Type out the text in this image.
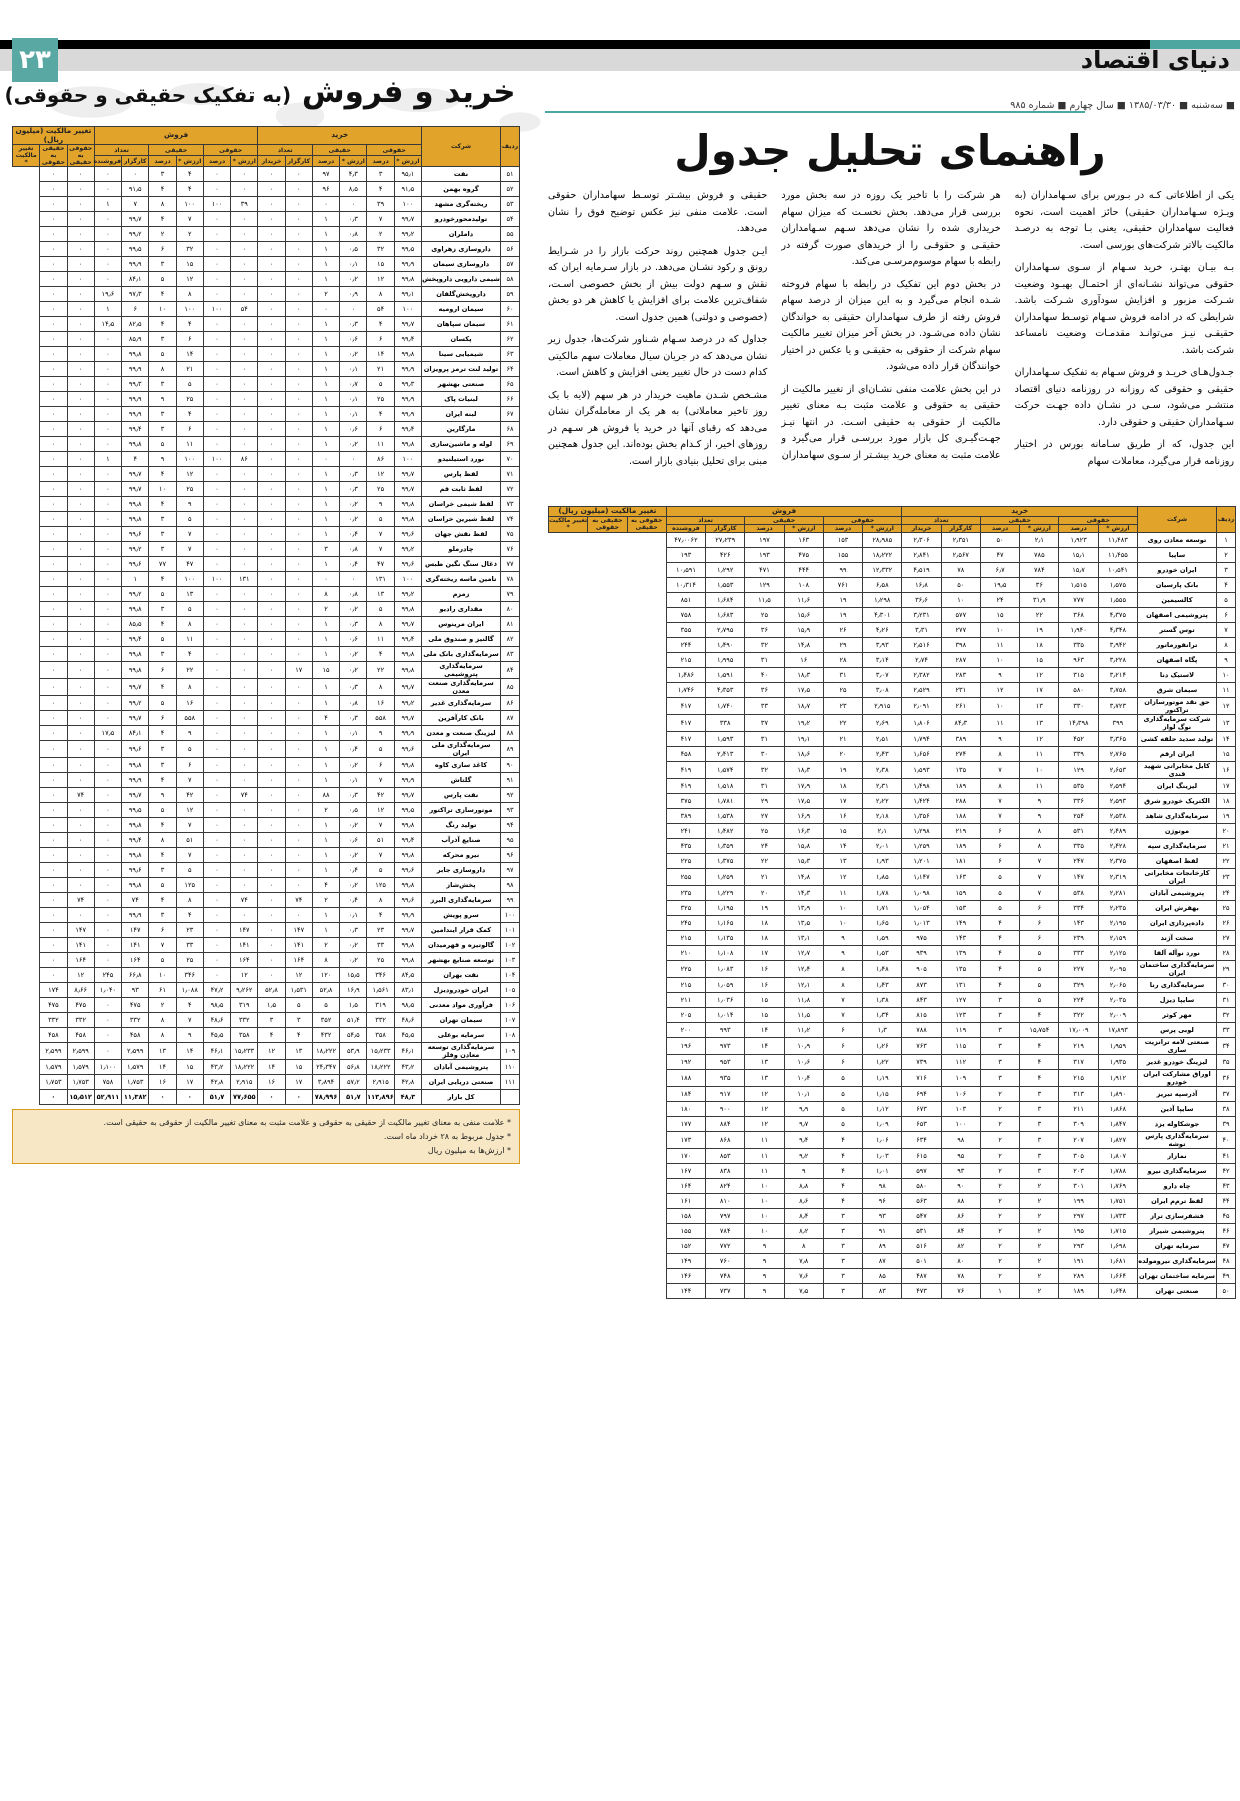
دنیای اقتصاد
۲۳
خرید و فروش (به تفکیک حقیقی و حقوقی)	■ سه‌شنبه ■ ۱۳۸۵/۰۳/۳۰ ■ سال چهارم ■ شماره ۹۸۵
راهنمای تحلیل جدول

یکی از اطلاعاتی کـه در بـورس برای سـهامداران (به ویـژه سـهامداران حقیقی) حائز اهمیت است، نحوه فعالیت سهامداران حقیقی، یعنی بـا توجه به درصـد مالکیت بالاتر شرکت‌های بورسی است.

بـه بیـان بهتـر، خرید سـهام از سـوی سـهامداران حقوقی می‌تواند نشـانه‌ای از احتمـال بهبـود وضعیت شـرکت مزبور و افزایش سودآوری شـرکت باشد. شرایطی که در ادامه فروش سـهام توسـط سهامداران حقیقـی نیـز می‌توانـد مقدمـات وضعیت نامساعد شرکت باشد.

جـدول‌هـای خریـد و فروش سـهام به تفکیک سـهامداران حقیقی و حقوقی که روزانه در روزنامه دنیای اقتصاد منتشـر می‌شود، سـی در نشـان داده‌ جهـت حرکت سـهامداران حقیقی و حقوقی دارد.

این جدول، که از طریق سـامانه بورس در اختیار روزنامه قرار می‌گیرد، معاملات سهام

هر شرکت را با تاخیر یک روزه در سه بخش مورد بررسی قرار می‌دهد. بخش نخسـت که میزان سهام خریداری شده را نشان می‌دهد سـهم سـهامداران حقیقـی و حقوقـی را از خریدهای صورت گرفته در رابطه با سهام موسوم‌مرسـی می‌کند.

در بخش دوم این تفکیک در رابطه با سهام فروخته شـده انجام می‌گیرد و به این میزان از درصد سهام فروش رفته از طرف سهامداران حقیقی به خواندگان نشان داده می‌شـود. در بخش آخر میزان تغییر مالکیت سهام شرکت از حقوقی به حقیقـی و یا عکس در اختیار خوانندگان قرار داده می‌شود.

در این بخش علامت منفی نشـان‌ای از تغییر مالکیت از حقیقی به حقوقی و علامت مثبت بـه معنای تغییر مالکیت از حقوقی به حقیقی اسـت. در انتها نیـز جهـت‌گیـری کل بازار مورد بررسـی قرار می‌گیرد و علامت مثبت به معنای خرید بیشـتر از سـوی سهامداران

حقیقی و فروش بیشـتر توسـط سهامداران حقوقی است. علامت منفی نیز عکس توضیح فوق را نشان می‌دهد.

ایـن جدول همچنین روند حرکت بازار را در شـرایط رونق و رکود نشـان می‌دهد. در بازار سـرمایه ایران که نقش و سـهم دولت بیش از بخش خصوصی اسـت، شفاف‌ترین علامت برای افزایش یا کاهش هر دو بخش (خصوصی و دولتی) همین جدول است.

جداول که در درصد سـهام شـناور شرکت‌ها، جدول زیر نشان می‌دهد که در جریان سیال معاملات سهم مالکیتی کدام دست در حال تغییر یعنی افزایش و کاهش است.

مشـخص شـدن ماهیت خریدار در هر سهم (لایه با یک روز تاخیر معاملاتی) به هر یک از معامله‌گران نشان می‌دهد که رقبای آنها در خرید یا فروش هر سـهم در روزهای اخیر، از کـدام بخش بوده‌اند. این جدول همچنین مبنی برای تحلیل بنیادی بازار است.

ردیف	شرکت	خرید						فروش						تغییر مالکیت (میلیون ریال)		
		حقوقی		حقیقی		تعداد		حقوقی		حقیقی		تعداد		حقوقی به حقیقی	حقیقی به حقوقی	تغییر مالکیت *
		ارزش *	درصد	ارزش *	درصد	کارگزار	خریدار	ارزش *	درصد	ارزش *	درصد	کارگزار	فروشنده			
۵۱	نفت	۹۵٫۱	۳	۴٫۳	۹۷	۰	۰	۰	۰	۴	۳	۰	۰	۰	۰	
۵۲	گروه بهمن	۹۱٫۵	۴	۸٫۵	۹۶	۰	۰	۰	۰	۴	۴	۹۱٫۵	۰	۰	۰	
۵۳	ریخته‌گری مشهد	۱۰۰	۳۹	۰	۰	۰	۰	۳۹	۱۰۰	۱۰۰	۸	۷	۱	۰	۰	
۵۴	تولیدمحورخودرو	۹۹٫۷	۷	۰٫۳	۱	۰	۰	۰	۰	۷	۴	۹۹٫۷	۰	۰	۰	
۵۵	داملران	۹۹٫۲	۲	۰٫۸	۱	۰	۰	۰	۰	۲	۲	۹۹٫۲	۰	۰	۰	
۵۶	داروسازی زهراوی	۹۹٫۵	۳۲	۰٫۵	۱	۰	۰	۰	۰	۳۲	۶	۹۹٫۵	۰	۰	۰	
۵۷	داروسازی سیمان	۹۹٫۹	۱۵	۰٫۱	۱	۰	۰	۰	۰	۱۵	۳	۹۹٫۹	۰	۰	۰	
۵۸	شیمی دارویی داروپخش	۹۹٫۸	۱۲	۰٫۲	۱	۰	۰	۰	۰	۱۲	۵	۸۴٫۱	۰	۰	۰	
۵۹	داروپخش‌گلفان	۹۹٫۱	۸	۰٫۹	۲	۰	۰	۰	۰	۸	۴	۹۷٫۳	۱۹٫۶	۰	۰	
۶۰	سیمان ارومیه	۱۰۰	۵۴	۰	۰	۰	۰	۵۴	۱۰۰	۱۰۰	۱۰	۶	۱	۰	۰	
۶۱	سیمان سپاهان	۹۹٫۷	۴	۰٫۳	۱	۰	۰	۰	۰	۴	۴	۸۲٫۵	۱۴٫۵	۰	۰	
۶۲	پکسان	۹۹٫۴	۶	۰٫۶	۱	۰	۰	۰	۰	۶	۳	۸۵٫۹	۰	۰	۰	
۶۳	شیمیایی سینا	۹۹٫۸	۱۴	۰٫۲	۱	۰	۰	۰	۰	۱۴	۵	۹۹٫۸	۰	۰	۰	
۶۴	تولید لنت ترمز پرویزان	۹۹٫۹	۲۱	۰٫۱	۱	۰	۰	۰	۰	۲۱	۸	۹۹٫۹	۰	۰	۰	
۶۵	صنعتی بهشهر	۹۹٫۳	۵	۰٫۷	۱	۰	۰	۰	۰	۵	۳	۹۹٫۳	۰	۰	۰	
۶۶	لبنیات پاک	۹۹٫۹	۲۵	۰٫۱	۱	۰	۰	۰	۰	۲۵	۹	۹۹٫۹	۰	۰	۰	
۶۷	لبنه ایران	۹۹٫۹	۴	۰٫۱	۱	۰	۰	۰	۰	۴	۳	۹۹٫۹	۰	۰	۰	
۶۸	مارگارین	۹۹٫۴	۶	۰٫۶	۱	۰	۰	۰	۰	۶	۳	۹۹٫۴	۰	۰	۰	
۶۹	لوله و ماشین‌سازی	۹۹٫۸	۱۱	۰٫۲	۱	۰	۰	۰	۰	۱۱	۵	۹۹٫۸	۰	۰	۰	
۷۰	نورد استیلنیدو	۱۰۰	۸۶	۰	۰	۰	۰	۸۶	۱۰۰	۱۰۰	۹	۴	۱	۰	۰	
۷۱	لفظ پارس	۹۹٫۷	۱۲	۰٫۳	۱	۰	۰	۰	۰	۱۲	۴	۹۹٫۷	۰	۰	۰	
۷۲	لفظ ثابت قم	۹۹٫۷	۲۵	۰٫۳	۱	۰	۰	۰	۰	۲۵	۱۰	۹۹٫۷	۰	۰	۰	
۷۳	لفظ شیمی خراسان	۹۹٫۸	۹	۰٫۲	۱	۰	۰	۰	۰	۹	۴	۹۹٫۸	۰	۰	۰	
۷۴	لفظ شیرین خراسان	۹۹٫۸	۵	۰٫۲	۱	۰	۰	۰	۰	۵	۳	۹۹٫۸	۰	۰	۰	
۷۵	لفظ نقش جهان	۹۹٫۶	۷	۰٫۴	۱	۰	۰	۰	۰	۷	۳	۹۹٫۶	۰	۰	۰	
۷۶	چادرملو	۹۹٫۲	۷	۰٫۸	۳	۰	۰	۰	۰	۷	۳	۹۹٫۲	۰	۰	۰	
۷۷	ذغال سنگ نگین طبس	۹۹٫۶	۴۷	۰٫۴	۱	۰	۰	۰	۰	۴۷	۷۷	۹۹٫۶	۰	۰	۰	
۷۸	تامین ماسه ریخته‌گری	۱۰۰	۱۳۱	۰	۰	۰	۰	۱۳۱	۱۰۰	۱۰۰	۴	۱	۰	۰	۰	
۷۹	زمزم	۹۹٫۲	۱۳	۰٫۸	۸	۰	۰	۰	۰	۱۳	۵	۹۹٫۲	۰	۰	۰	
۸۰	مقداری رادیو	۹۹٫۸	۵	۰٫۲	۲	۰	۰	۰	۰	۵	۳	۹۹٫۸	۰	۰	۰	
۸۱	ایران مرینوس	۹۹٫۷	۸	۰٫۳	۱	۰	۰	۰	۰	۸	۴	۸۵٫۵	۰	۰	۰	
۸۲	گالنیز و صندوق ملی	۹۹٫۴	۱۱	۰٫۶	۱	۰	۰	۰	۰	۱۱	۵	۹۹٫۴	۰	۰	۰	
۸۳	سرمایه‌گذاری بانک ملی	۹۹٫۸	۴	۰٫۲	۱	۰	۰	۰	۰	۴	۳	۹۹٫۸	۰	۰	۰	
۸۴	سرمایه‌گذاری پتروشیمی	۹۹٫۸	۲۲	۰٫۲	۱۵	۱۷	۰	۰	۰	۲۲	۶	۹۹٫۸	۰	۰	۰	
۸۵	سرمایه‌گذاری صنعت معدن	۹۹٫۷	۸	۰٫۳	۱	۰	۰	۰	۰	۸	۴	۹۹٫۷	۰	۰	۰	
۸۶	سرمایه‌گذاری غدیر	۹۹٫۲	۱۶	۰٫۸	۱	۰	۰	۰	۰	۱۶	۵	۹۹٫۲	۰	۰	۰	
۸۷	بانک کارآفرین	۹۹٫۷	۵۵۸	۰٫۳	۴	۰	۰	۰	۰	۵۵۸	۶	۹۹٫۷	۰	۰	۰	
۸۸	لیزینگ صنعت و معدن	۹۹٫۹	۹	۰٫۱	۱	۰	۰	۰	۰	۹	۴	۸۴٫۱	۱۷٫۵	۰	۰	
۸۹	سرمایه‌گذاری ملی ایران	۹۹٫۶	۵	۰٫۴	۱	۰	۰	۰	۰	۵	۳	۹۹٫۶	۰	۰	۰	
۹۰	کاغذ سازی کاوه	۹۹٫۸	۶	۰٫۲	۱	۰	۰	۰	۰	۶	۳	۹۹٫۸	۰	۰	۰	
۹۱	گلتاش	۹۹٫۹	۷	۰٫۱	۱	۰	۰	۰	۰	۷	۴	۹۹٫۹	۰	۰	۰	
۹۲	نفت پارس	۹۹٫۷	۴۲	۰٫۳	۸۸	۰	۰	۷۴	۰	۴۲	۹	۹۹٫۷	۰	۷۴	۰	
۹۳	موتورسازی تراکتور	۹۹٫۵	۱۲	۰٫۵	۲	۰	۰	۰	۰	۱۲	۵	۹۹٫۵	۰	۰	۰	
۹۴	تولید رنگ	۹۹٫۸	۷	۰٫۲	۱	۰	۰	۰	۰	۷	۴	۹۹٫۸	۰	۰	۰	
۹۵	صنایع آذرآب	۹۹٫۴	۵۱	۰٫۶	۱	۰	۰	۰	۰	۵۱	۸	۹۹٫۴	۰	۰	۰	
۹۶	نیرو محرکه	۹۹٫۸	۷	۰٫۲	۱	۰	۰	۰	۰	۷	۴	۹۹٫۸	۰	۰	۰	
۹۷	داروسازی جابر	۹۹٫۶	۵	۰٫۴	۱	۰	۰	۰	۰	۵	۳	۹۹٫۶	۰	۰	۰	
۹۸	پخش‌شاز	۹۹٫۸	۱۲۵	۰٫۲	۴	۰	۰	۰	۰	۱۲۵	۵	۹۹٫۸	۰	۰	۰	
۹۹	سرمایه‌گذاری البرز	۹۹٫۶	۸	۰٫۴	۲	۷۴	۰	۷۴	۰	۸	۴	۷۴	۰	۷۴	۰	
۱۰۰	سرو پویش	۹۹٫۹	۴	۰٫۱	۱	۰	۰	۰	۰	۴	۳	۹۹٫۹	۰	۰	۰	
۱۰۱	کمک قرار ایندامین	۹۹٫۷	۲۳	۰٫۳	۱	۱۴۷	۰	۱۴۷	۰	۲۳	۶	۱۴۷	۰	۱۴۷	۰	
۱۰۲	گالوتیزه و قهرمیدان	۹۹٫۸	۳۳	۰٫۲	۲	۱۴۱	۰	۱۴۱	۰	۳۳	۷	۱۴۱	۰	۱۴۱	۰	
۱۰۳	توسعه صنایع بهشهر	۹۹٫۸	۲۵	۰٫۲	۸	۱۶۴	۰	۱۶۴	۰	۲۵	۵	۱۶۴	۰	۱۶۴	۰	
۱۰۴	نفت بهران	۸۴٫۵	۳۴۶	۱۵٫۵	۱۲۰	۱۲	۰	۱۲	۰	۳۴۶	۱۰	۶۶٫۸	۲۴۵	۱۲	۰	
۱۰۵	ایران خودرودیزل	۸۳٫۱	۱٫۵۶۱	۱۶٫۹	۵۲٫۸	۱٫۵۳۱	۵۲٫۸	۹٫۲۶۲	۴۷٫۲	۱٫۰۸۸	۶۱	۹۳	۱٫۰۴۰	۸٫۶۶	۱۷۴	
۱۰۶	فرآوری مواد معدنی	۹۸٫۵	۳۱۹	۱٫۵	۵	۵	۱٫۵	۳۱۹	۹۸٫۵	۴	۲	۴۷۵	۰	۴۷۵	۴۷۵	
۱۰۷	سیمان تهران	۴۸٫۶	۳۳۲	۵۱٫۴	۳۵۲	۳	۳	۳۳۲	۴۸٫۶	۷	۸	۳۳۲	۰	۳۳۲	۳۳۲	
۱۰۸	سرمایه بوعلی	۴۵٫۵	۳۵۸	۵۴٫۵	۴۳۲	۴	۴	۳۵۸	۴۵٫۵	۹	۸	۴۵۸	۰	۴۵۸	۴۵۸	
۱۰۹	سرمایه‌گذاری توسعه معادن وفلز	۴۶٫۱	۱۵٫۲۳۳	۵۳٫۹	۱۸٫۲۲۲	۱۳	۱۲	۱۵٫۲۳۳	۴۶٫۱	۱۴	۱۳	۲٫۵۹۹	۰	۲٫۵۹۹	۲٫۵۹۹	
۱۱۰	پتروشیمی آبادان	۴۳٫۲	۱۸٫۲۲۲	۵۶٫۸	۲۴٫۳۴۷	۱۵	۱۴	۱۸٫۲۲۲	۴۳٫۲	۱۵	۱۴	۱٫۵۷۹	۱٫۱۰۰	۱٫۵۷۹	۱٫۵۷۹	
۱۱۱	صنعتی دریایی ایران	۴۲٫۸	۲٫۹۱۵	۵۷٫۲	۳٫۸۹۴	۱۷	۱۶	۲٫۹۱۵	۴۲٫۸	۱۷	۱۶	۱٫۷۵۳	۷۵۸	۱٫۷۵۳	۱٫۷۵۳	
	کل بازار	۴۸٫۳	۱۱۳٫۸۹۶	۵۱٫۷	۷۸٫۹۹۶	۰	۰	۷۷٫۶۵۵	۵۱٫۷	۰	۰	۱۱٫۳۸۲	۵۲٫۹۱۱	۱۵٫۵۱۲	۰	
* علامت منفی به معنای تغییر مالکیت از حقیقی به حقوقی و علامت مثبت به معنای تغییر مالکیت از حقوقی به حقیقی است.
* جدول مربوط به ۲۸ خرداد ماه است.
* ارزش‌ها به میلیون ریال
ردیف	شرکت	خرید						فروش						تغییر مالکیت (میلیون ریال)		
		حقوقی		حقیقی		تعداد		حقوقی		حقیقی		تعداد		حقوقی به حقیقی	حقیقی به حقوقی	تغییر مالکیت *
		ارزش *	درصد	ارزش *	درصد	کارگزار	خریدار	ارزش *	درصد	ارزش *	درصد	کارگزار	فروشنده			
۱	توسعه معادن روی	۱۱٫۴۸۳	۱٫۹۲۳	۲٫۱	۵۰	۲٫۳۵۱	۲٫۳۰۶	۲۸٫۹۸۵	۱۵۳	۱۶۳	۱۹۷	۲۷٫۲۳۹	۴۷٫۰۰۶۲			
۲	ساپیا	۱۱٫۴۵۵	۱۵٫۱	۷۸۵	۴۷	۲٫۵۶۷	۲٫۸۴۱	۱۸٫۲۲۲	۱۵۵	۴۷۵	۱۹۳	۴۲۶	۱۹۳			
۳	ایران خودرو	۱۰٫۵۴۱	۱۵٫۷	۷۸۴	۶٫۷	۷۸	۴٫۵۱۹	۱۲٫۳۳۲	۹۹	۴۴۴	۴۷۱	۱٫۲۹۲	۱۰٫۵۹۱			
۴	بانک پارسیان	۱٫۵۷۵	۱٫۵۱۵	۳۶	۱۹٫۵	۵۰	۱۶٫۸	۶٫۵۸	۷۶۱	۱۰۸	۱۲۹	۱٫۵۵۳	۱۰٫۳۱۴			
۵	کالسیمین	۱٫۵۵۵	۷۷۷	۳۱٫۹	۲۴	۱۰	۳۶٫۶	۱٫۲۹۸	۱۹	۱۱٫۶	۱۱٫۵	۱٫۶۸۴	۸۵۱			
۶	پتروشیمی اصفهان	۴٫۳۷۵	۳۶۸	۲۲	۱۵	۵۷۷	۳٫۲۳۱	۴٫۳۰۱	۱۹	۱۵٫۶	۲۵	۱٫۶۸۳	۷۵۸			
۷	توس گستر	۴٫۳۴۸	۱٫۹۴۰	۱۹	۱۰	۲۷۷	۳٫۳۱	۴٫۲۶	۲۶	۱۵٫۹	۳۶	۲٫۷۹۵	۳۵۵			
۸	ترانفورماتور	۳٫۹۴۲	۳۳۵	۱۸	۱۱	۳۹۸	۲٫۵۱۶	۳٫۹۳	۲۹	۱۴٫۸	۳۲	۱٫۴۹۰	۲۴۴			
۹	پگاه اصفهان	۳٫۲۲۸	۹۶۳	۱۵	۱۰	۲۸۷	۲٫۷۴	۳٫۱۴	۲۸	۱۶	۳۱	۱٫۹۹۵	۲۱۵			
۱۰	لاستیک دنا	۳٫۲۱۴	۳۱۵	۱۲	۹	۲۸۳	۲٫۳۸۲	۳٫۰۷	۳۱	۱۸٫۳	۴۰	۱٫۵۹۱	۱٫۴۸۶			
۱۱	سیمان شرق	۳٫۷۵۸	۵۸۰	۱۷	۱۲	۲۳۱	۲٫۵۲۹	۳٫۰۸	۲۵	۱۷٫۵	۳۶	۴٫۳۵۳	۱٫۷۴۶			
۱۲	حق نقد موتورسازان تراکتور	۳٫۷۲۳	۳۳۰	۱۳	۱۰	۲۶۱	۲٫۰۹۱	۲٫۹۱۵	۲۳	۱۸٫۷	۳۳	۱٫۷۴۰	۴۱۷			
۱۳	شرکت سرمایه‌گذاری نوگ لواز	۳۹۹	۱۴٫۳۹۸	۱۳	۱۱	۸۴٫۳	۱٫۸۰۶	۲٫۶۹	۲۲	۱۹٫۲	۳۷	۳۳۸	۴۱۷			
۱۴	تولید سدید حلقه کشی	۳٫۳۶۵	۴۵۲	۱۲	۹	۳۸۹	۱٫۷۹۴	۲٫۵۱	۲۱	۱۹٫۱	۳۱	۱٫۵۹۳	۴۱۷			
۱۵	ایران ارقم	۲٫۷۶۵	۳۳۹	۱۱	۸	۲۷۴	۱٫۶۵۶	۲٫۴۳	۲۰	۱۸٫۶	۳۰	۲٫۴۱۳	۴۵۸			
۱۶	کابل مخابراتی شهید قندی	۲٫۶۵۳	۱۲۹	۱۰	۷	۱۳۵	۱٫۵۹۳	۲٫۳۸	۱۹	۱۸٫۳	۳۲	۱٫۵۷۴	۴۱۹			
۱۷	لیزینگ ایران	۲٫۵۹۴	۵۳۵	۱۱	۸	۱۸۹	۱٫۴۹۸	۲٫۳۱	۱۸	۱۷٫۹	۳۱	۱٫۵۱۸	۴۱۹			
۱۸	الکتریک خودرو شرق	۲٫۵۹۳	۳۳۶	۹	۷	۲۸۸	۱٫۴۲۴	۲٫۲۲	۱۷	۱۷٫۵	۲۹	۱٫۷۸۱	۳۷۵			
۱۹	سرمایه‌گذاری شاهد	۲٫۵۳۸	۲۵۴	۹	۷	۱۸۸	۱٫۳۵۶	۲٫۱۸	۱۶	۱۶٫۹	۲۷	۱٫۵۳۸	۳۸۹			
۲۰	موتوژن	۲٫۴۸۹	۵۳۱	۸	۶	۲۱۹	۱٫۲۹۸	۲٫۱	۱۵	۱۶٫۳	۲۵	۱٫۴۸۲	۲۴۱			
۲۱	سرمایه‌گذاری سپه	۲٫۴۲۸	۳۳۵	۸	۶	۱۸۹	۱٫۲۵۹	۲٫۰۱	۱۴	۱۵٫۸	۲۴	۱٫۳۵۹	۴۳۵			
۲۲	لفظ اصفهان	۲٫۳۷۵	۲۴۷	۷	۶	۱۸۱	۱٫۲۰۱	۱٫۹۳	۱۳	۱۵٫۳	۲۲	۱٫۳۷۵	۲۲۵			
۲۳	کارخانجات مخابراتی ایران	۲٫۳۱۹	۱۴۷	۷	۵	۱۶۳	۱٫۱۴۷	۱٫۸۵	۱۲	۱۴٫۸	۲۱	۱٫۲۵۹	۲۵۵			
۲۴	پتروشیمی آبادان	۲٫۲۸۱	۵۳۸	۷	۵	۱۵۹	۱٫۰۹۸	۱٫۷۸	۱۱	۱۴٫۳	۲۰	۱٫۲۲۹	۲۳۵			
۲۵	بهفرش ایران	۲٫۲۳۵	۳۳۴	۶	۵	۱۵۳	۱٫۰۵۴	۱٫۷۱	۱۰	۱۳٫۹	۱۹	۱٫۱۹۵	۳۲۵			
۲۶	داده‌پردازی ایران	۲٫۱۹۵	۱۴۳	۶	۴	۱۴۹	۱٫۰۱۳	۱٫۶۵	۱۰	۱۳٫۵	۱۸	۱٫۱۶۵	۲۴۵			
۲۷	سخت آژند	۲٫۱۵۹	۲۳۹	۶	۴	۱۴۳	۹۷۵	۱٫۵۹	۹	۱۳٫۱	۱۸	۱٫۱۳۵	۲۱۵			
۲۸	نورد نوآله آلفا	۲٫۱۲۵	۳۳۳	۵	۴	۱۳۹	۹۳۹	۱٫۵۳	۹	۱۲٫۷	۱۷	۱٫۱۰۸	۲۱۰			
۲۹	سرمایه‌گذاری ساختمان ایران	۲٫۰۹۵	۲۲۷	۵	۴	۱۳۵	۹۰۵	۱٫۴۸	۸	۱۲٫۴	۱۶	۱٫۰۸۳	۲۲۵			
۳۰	سرمایه‌گذاری رنا	۲٫۰۶۵	۳۲۹	۵	۴	۱۳۱	۸۷۳	۱٫۴۳	۸	۱۲٫۱	۱۶	۱٫۰۵۹	۲۱۵			
۳۱	سایپا دیزل	۲٫۰۳۵	۲۲۴	۵	۳	۱۲۷	۸۴۳	۱٫۳۸	۷	۱۱٫۸	۱۵	۱٫۰۳۶	۲۱۱			
۳۲	مهر کوثر	۲٫۰۰۹	۳۲۲	۴	۳	۱۲۳	۸۱۵	۱٫۳۴	۷	۱۱٫۵	۱۵	۱٫۰۱۴	۲۰۵			
۳۳	لوبی پرس	۱۷٫۸۹۳	۱۷٫۰۰۹	۱۵٫۷۵۴	۳	۱۱۹	۷۸۸	۱٫۳	۶	۱۱٫۲	۱۴	۹۹۳	۲۰۰			
۳۴	صنعتی لامه ترانزیت سازی	۱٫۹۵۹	۲۱۹	۴	۳	۱۱۵	۷۶۳	۱٫۲۶	۶	۱۰٫۹	۱۴	۹۷۳	۱۹۶			
۳۵	لیزینگ خودرو غدیر	۱٫۹۳۵	۳۱۷	۴	۳	۱۱۲	۷۳۹	۱٫۲۲	۶	۱۰٫۶	۱۳	۹۵۳	۱۹۲			
۳۶	اوراق مشارکت ایران خودرو	۱٫۹۱۲	۲۱۵	۴	۳	۱۰۹	۷۱۶	۱٫۱۹	۵	۱۰٫۴	۱۳	۹۳۵	۱۸۸			
۳۷	آذرسپه تبریز	۱٫۸۹۰	۳۱۳	۳	۲	۱۰۶	۶۹۴	۱٫۱۵	۵	۱۰٫۱	۱۲	۹۱۷	۱۸۴			
۳۸	سایپا آذین	۱٫۸۶۸	۲۱۱	۳	۲	۱۰۳	۶۷۳	۱٫۱۲	۵	۹٫۹	۱۲	۹۰۰	۱۸۰			
۳۹	جوشکاوله یزد	۱٫۸۴۷	۳۰۹	۳	۲	۱۰۰	۶۵۳	۱٫۰۹	۵	۹٫۷	۱۲	۸۸۴	۱۷۷			
۴۰	سرمایه‌گذاری پارس توشه	۱٫۸۲۷	۲۰۷	۳	۲	۹۸	۶۳۴	۱٫۰۶	۴	۹٫۴	۱۱	۸۶۸	۱۷۳			
۴۱	نمازاز	۱٫۸۰۷	۳۰۵	۳	۲	۹۵	۶۱۵	۱٫۰۳	۴	۹٫۲	۱۱	۸۵۳	۱۷۰			
۴۲	سرمایه‌گذاری نیرو	۱٫۷۸۸	۲۰۳	۳	۲	۹۳	۵۹۷	۱٫۰۱	۴	۹	۱۱	۸۳۸	۱۶۷			
۴۳	چاه دارو	۱٫۷۶۹	۳۰۱	۲	۲	۹۰	۵۸۰	۹۸	۴	۸٫۸	۱۰	۸۲۴	۱۶۴			
۴۴	لفظ ترم‌م ایران	۱٫۷۵۱	۱۹۹	۲	۲	۸۸	۵۶۳	۹۶	۴	۸٫۶	۱۰	۸۱۰	۱۶۱			
۴۵	فشفرسازی تراز	۱٫۷۳۳	۲۹۷	۲	۲	۸۶	۵۴۷	۹۳	۳	۸٫۴	۱۰	۷۹۷	۱۵۸			
۴۶	پتروشیمی شیراز	۱٫۷۱۵	۱۹۵	۲	۲	۸۴	۵۳۱	۹۱	۳	۸٫۲	۱۰	۷۸۴	۱۵۵			
۴۷	سرمایه تهران	۱٫۶۹۸	۲۹۳	۲	۲	۸۲	۵۱۶	۸۹	۳	۸	۹	۷۷۲	۱۵۲			
۴۸	سرمایه‌گذاری نیرومولده	۱٫۶۸۱	۱۹۱	۲	۲	۸۰	۵۰۱	۸۷	۳	۷٫۸	۹	۷۶۰	۱۴۹			
۴۹	سرمایه ساختمان تهران	۱٫۶۶۴	۲۸۹	۲	۲	۷۸	۴۸۷	۸۵	۳	۷٫۶	۹	۷۴۸	۱۴۶			
۵۰	صنعتی تهران	۱٫۶۴۸	۱۸۹	۲	۱	۷۶	۴۷۳	۸۳	۳	۷٫۵	۹	۷۳۷	۱۴۴			
